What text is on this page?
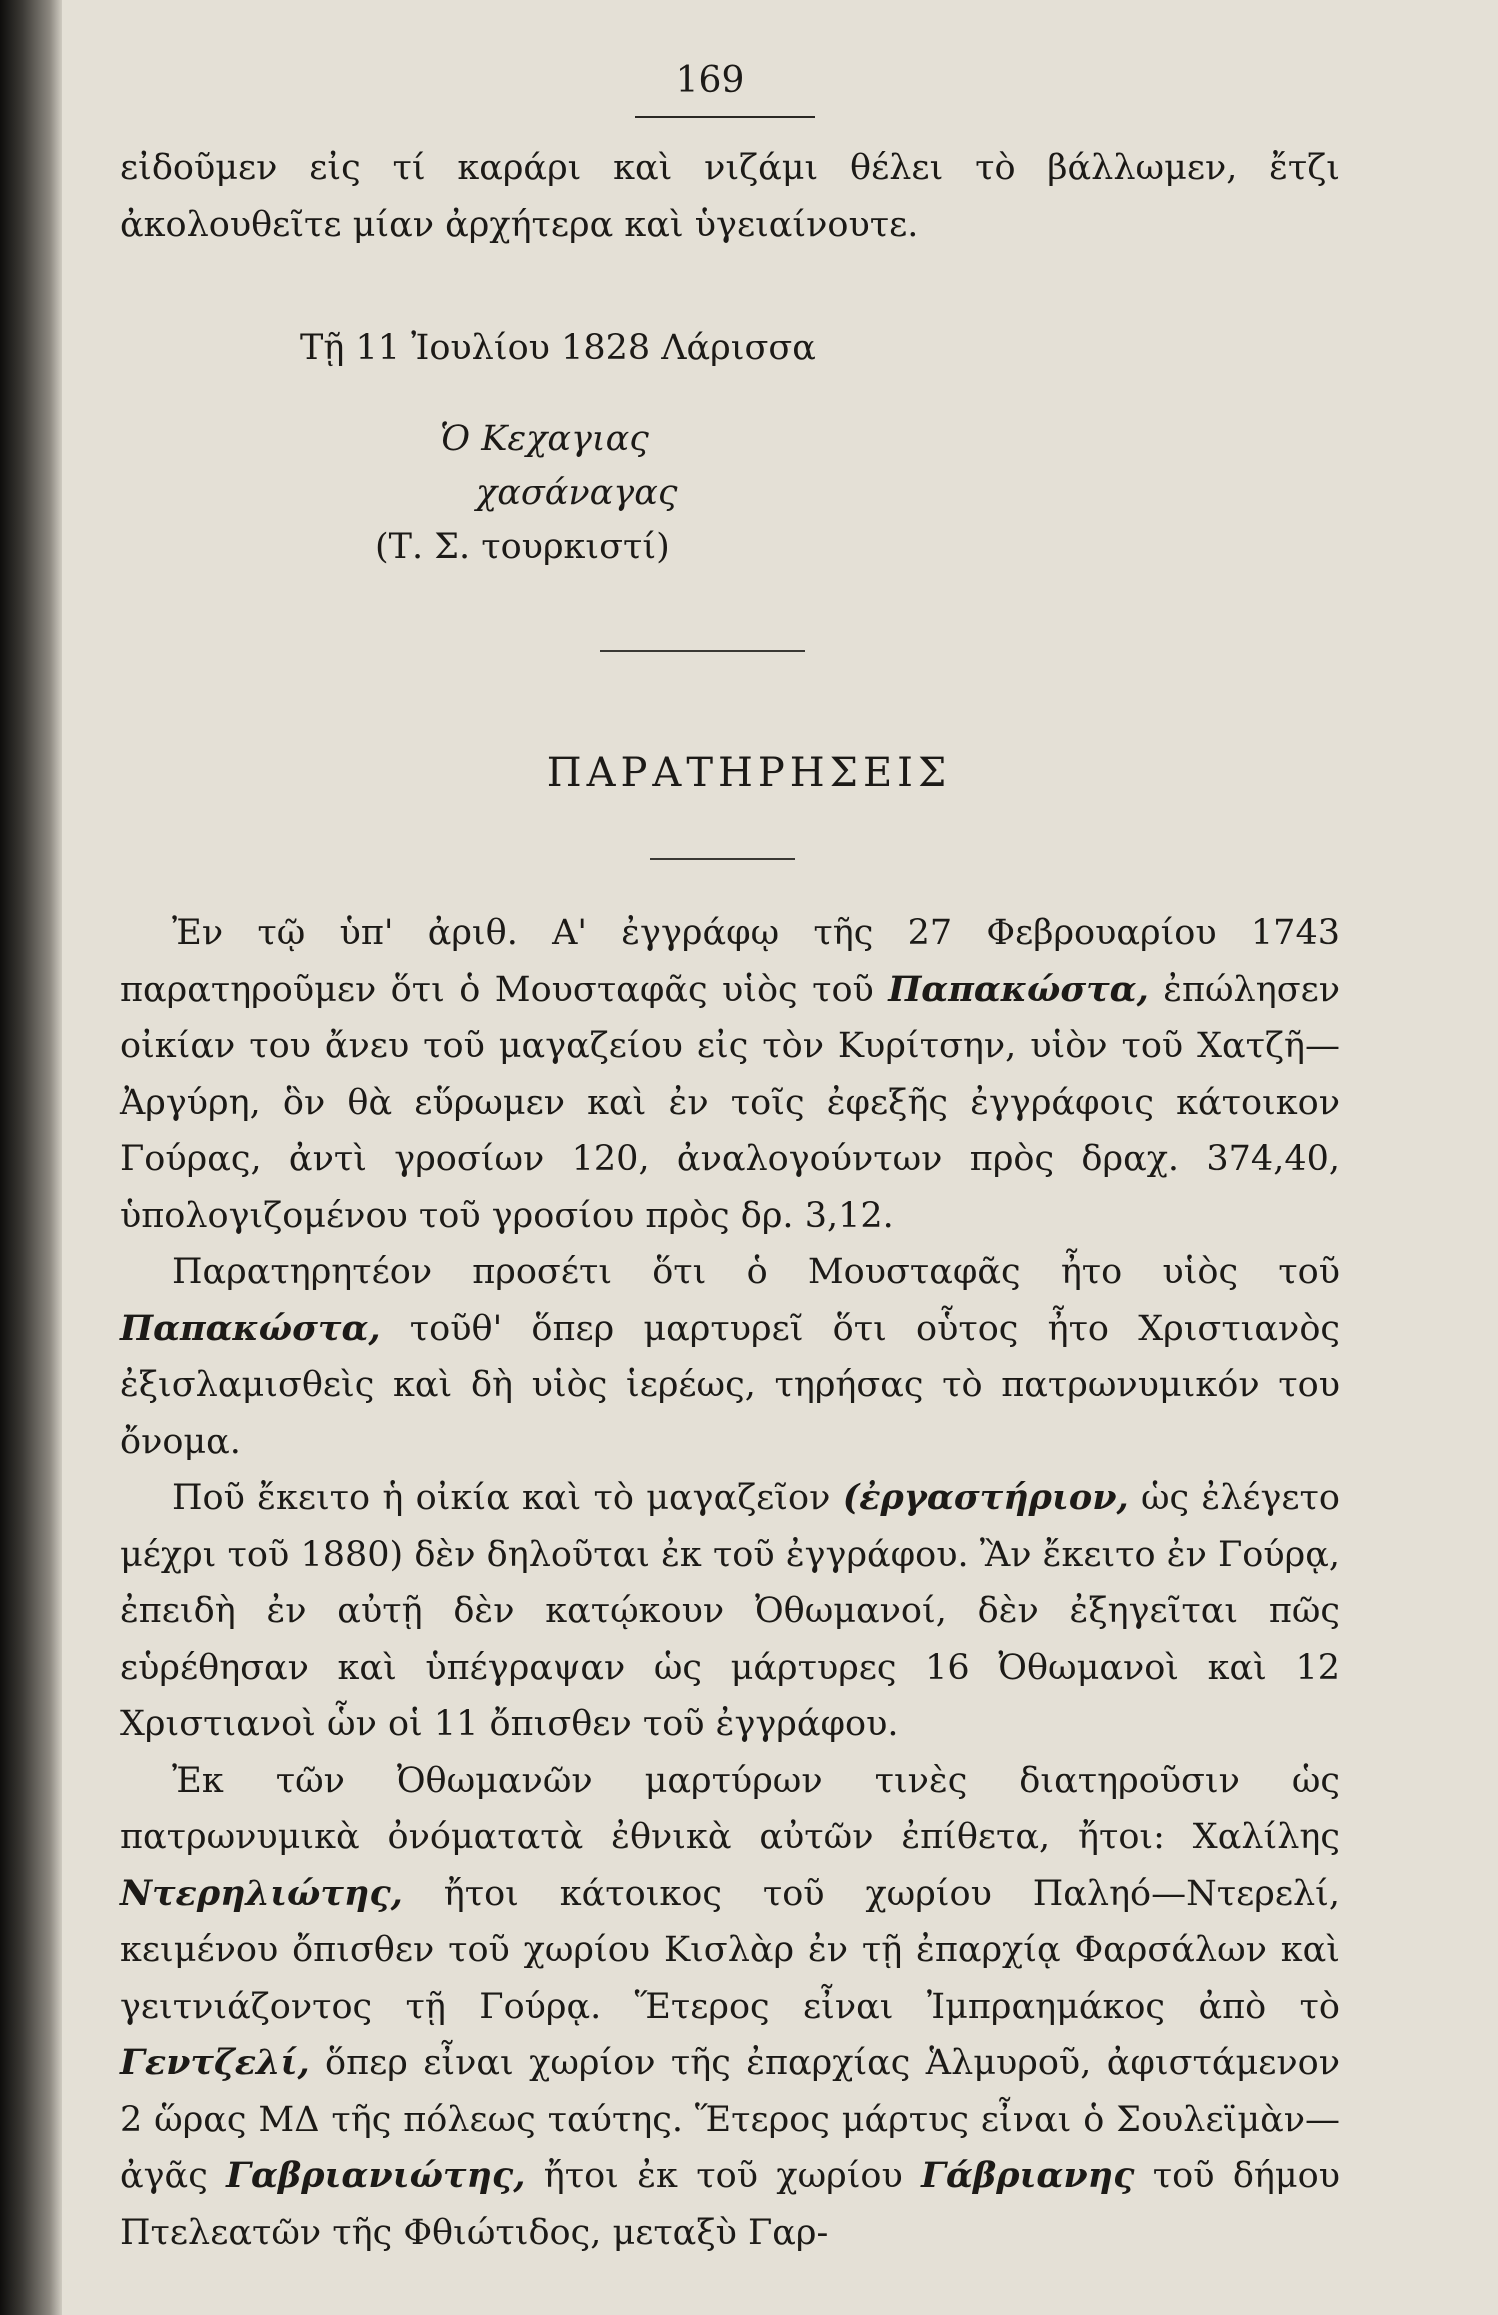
169
εἰδοῦμεν εἰς τί καράρι καὶ νιζάμι θέλει τὸ βάλλωμεν, ἔτζι ἀκολουθεῖτε μίαν ἀρχήτερα καὶ ὑγειαίνουτε.
Τῇ 11 Ἰουλίου 1828 Λάρισσα
Ὁ Κεχαγιας
χασάναγας
(Τ. Σ. τουρκιστί)
ΠΑΡΑΤΗΡΗΣΕΙΣ

Ἐν τῷ ὑπ' ἀριθ. Α' ἐγγράφῳ τῆς 27 Φεβρουαρίου 1743 παρατηροῦμεν ὅτι ὁ Μουσταφᾶς υἱὸς τοῦ Παπακώστα, ἐπώλησεν οἰκίαν του ἄνευ τοῦ μαγαζείου εἰς τὸν Κυρίτσην, υἱὸν τοῦ Χατζῆ—Ἀργύρη, ὃν θὰ εὕρωμεν καὶ ἐν τοῖς ἐφεξῆς ἐγγράφοις κάτοικον Γούρας, ἀντὶ γροσίων 120, ἀναλογούντων πρὸς δραχ. 374,40, ὑπολογιζομένου τοῦ γροσίου πρὸς δρ. 3,12.

Παρατηρητέον προσέτι ὅτι ὁ Μουσταφᾶς ἦτο υἱὸς τοῦ Παπακώστα, τοῦθ' ὅπερ μαρτυρεῖ ὅτι οὗτος ἦτο Χριστιανὸς ἐξισλαμισθεὶς καὶ δὴ υἱὸς ἱερέως, τηρήσας τὸ πατρωνυμικόν του ὄνομα.

Ποῦ ἔκειτο ἡ οἰκία καὶ τὸ μαγαζεῖον (ἐργαστήριον, ὡς ἐλέγετο μέχρι τοῦ 1880) δὲν δηλοῦται ἐκ τοῦ ἐγγράφου. Ἂν ἔκειτο ἐν Γούρᾳ, ἐπειδὴ ἐν αὐτῇ δὲν κατῴκουν Ὀθωμανοί, δὲν ἐξηγεῖται πῶς εὑρέθησαν καὶ ὑπέγραψαν ὡς μάρτυρες 16 Ὀθωμανοὶ καὶ 12 Χριστιανοὶ ὧν οἱ 11 ὄπισθεν τοῦ ἐγγράφου.

Ἐκ τῶν Ὀθωμανῶν μαρτύρων τινὲς διατηροῦσιν ὡς πατρωνυμικὰ ὀνόματατὰ ἐθνικὰ αὐτῶν ἐπίθετα, ἤτοι: Χαλίλης Ντερηλιώτης, ἤτοι κάτοικος τοῦ χωρίου Παληό—Ντερελί, κειμένου ὄπισθεν τοῦ χωρίου Κισλὰρ ἐν τῇ ἐπαρχίᾳ Φαρσάλων καὶ γειτνιάζοντος τῇ Γούρᾳ. Ἕτερος εἶναι Ἰμπραημάκος ἀπὸ τὸ Γεντζελί, ὅπερ εἶναι χωρίον τῆς ἐπαρχίας Ἁλμυροῦ, ἀφιστάμενον 2 ὥρας ΜΔ τῆς πόλεως ταύτης. Ἕτερος μάρτυς εἶναι ὁ Σουλεϊμὰν—ἀγᾶς Γαβριανιώτης, ἤτοι ἐκ τοῦ χωρίου Γάβριανης τοῦ δήμου Πτελεατῶν τῆς Φθιώτιδος, μεταξὺ Γαρ-
